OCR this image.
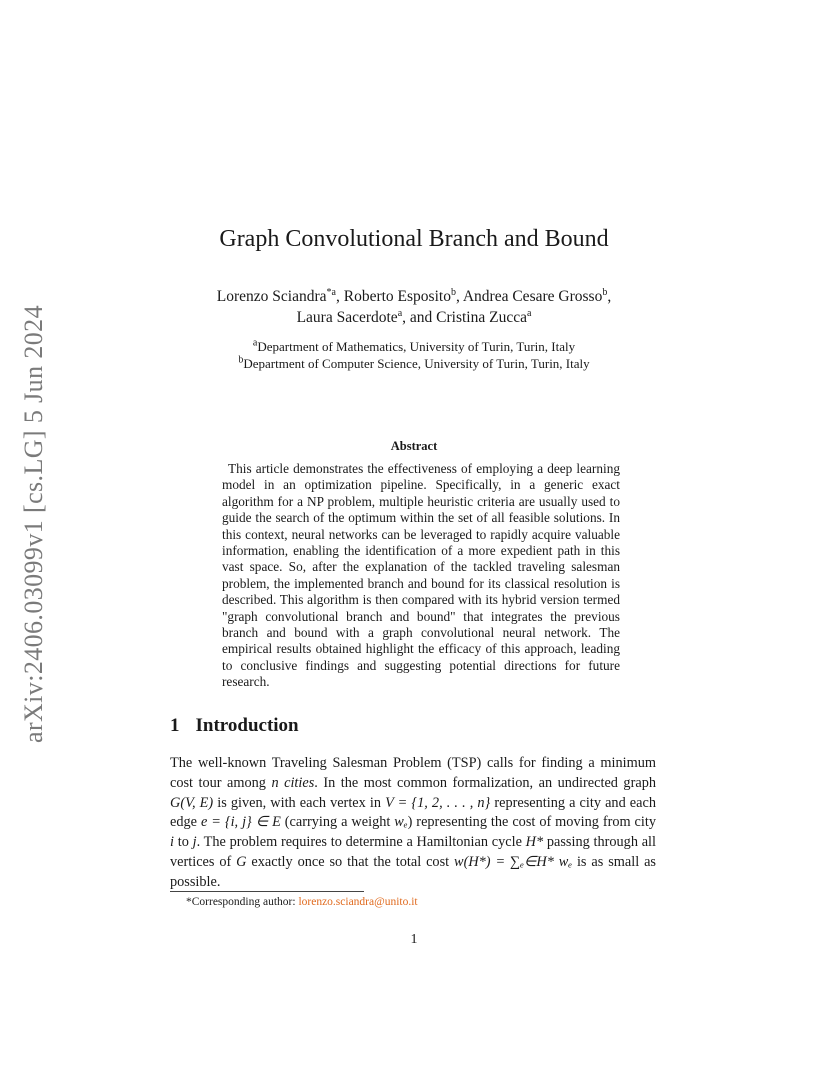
arXiv:2406.03099v1 [cs.LG] 5 Jun 2024
Graph Convolutional Branch and Bound
Lorenzo Sciandra$^{*a}$, Roberto Esposito$^b$, Andrea Cesare Grosso$^b$,
Laura Sacerdote$^a$, and Cristina Zucca$^a$
$^a$Department of Mathematics, University of Turin, Turin, Italy
$^b$Department of Computer Science, University of Turin, Turin, Italy
Abstract

This article demonstrates the effectiveness of employing a deep learning model in an optimization pipeline. Specifically, in a generic exact algorithm for a NP problem, multiple heuristic criteria are usually used to guide the search of the optimum within the set of all feasible solutions. In this context, neural networks can be leveraged to rapidly acquire valuable information, enabling the identification of a more expedient path in this vast space. So, after the explanation of the tackled traveling salesman problem, the implemented branch and bound for its classical resolution is described. This algorithm is then compared with its hybrid version termed "graph convolutional branch and bound" that integrates the previous branch and bound with a graph convolutional neural network. The empirical results obtained highlight the efficacy of this approach, leading to conclusive findings and suggesting potential directions for future research.

1 Introduction

The well-known Traveling Salesman Problem (TSP) calls for finding a minimum cost tour among n cities. In the most common formalization, an undirected graph G(V, E) is given, with each vertex in V = {1, 2, . . . , n} representing a city and each edge e = {i, j} ∈ E (carrying a weight wₑ) representing the cost of moving from city i to j. The problem requires to determine a Hamiltonian cycle H* passing through all vertices of G exactly once so that the total cost w(H*) = ∑ₑ∈H* wₑ is as small as possible.

*Corresponding author: lorenzo.sciandra@unito.it
1
